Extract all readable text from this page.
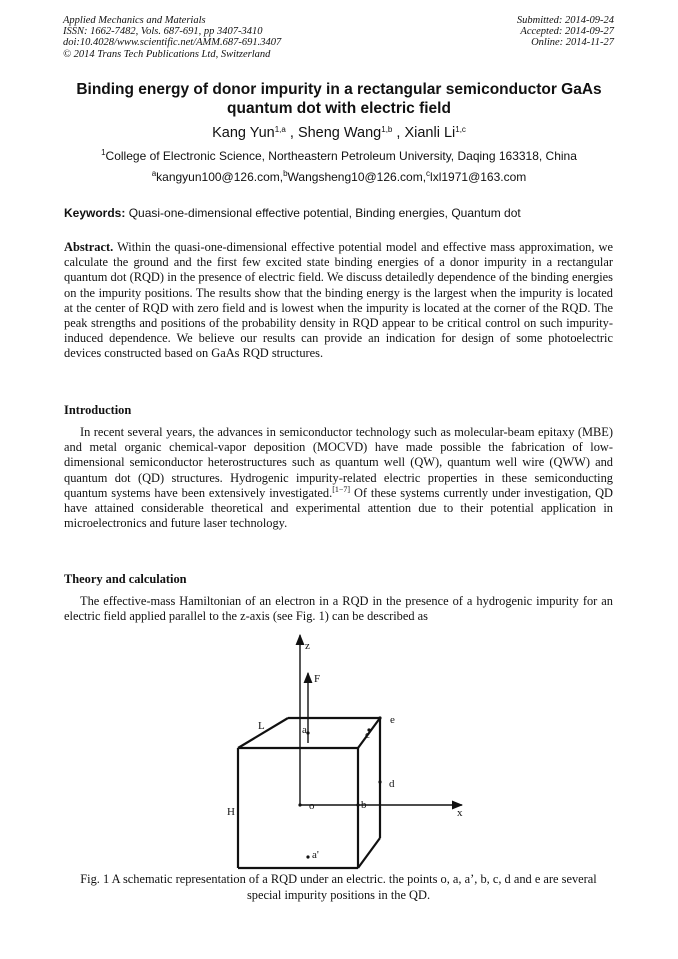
Applied Mechanics and Materials
ISSN: 1662-7482, Vols. 687-691, pp 3407-3410
doi:10.4028/www.scientific.net/AMM.687-691.3407
© 2014 Trans Tech Publications Ltd, Switzerland
Submitted: 2014-09-24
Accepted: 2014-09-27
Online: 2014-11-27
Binding energy of donor impurity in a rectangular semiconductor GaAs
quantum dot with electric field
Kang Yun$^{1,a}$ , Sheng Wang$^{1,b}$ , Xianli Li$^{1,c}$
$^1$College of Electronic Science, Northeastern Petroleum University, Daqing 163318, China
$^a$kangyun100@126.com,$^b$Wangsheng10@126.com,$^c$lxl1971@163.com
Keywords: Quasi-one-dimensional effective potential, Binding energies, Quantum dot

Abstract. Within the quasi-one-dimensional effective potential model and effective mass approximation, we calculate the ground and the first few excited state binding energies of a donor impurity in a rectangular quantum dot (RQD) in the presence of electric field. We discuss detailedly dependence of the binding energies on the impurity positions. The results show that the binding energy is the largest when the impurity is located at the center of RQD with zero field and is lowest when the impurity is located at the corner of the RQD. The peak strengths and positions of the probability density in RQD appear to be critical control on such impurity-induced dependence. We believe our results can provide an indication for design of some photoelectric devices constructed based on GaAs RQD structures.

Introduction

In recent several years, the advances in semiconductor technology such as molecular-beam epitaxy (MBE) and metal organic chemical-vapor deposition (MOCVD) have made possible the fabrication of low-dimensional semiconductor heterostructures such as quantum well (QW), quantum well wire (QWW) and quantum dot (QD) structures. Hydrogenic impurity-related electric properties in these semiconducting quantum systems have been extensively investigated.[1−7] Of these systems currently under investigation, QD have attained considerable theoretical and experimental attention due to their potential application in microelectronics and future laser technology.

Theory and calculation

The effective-mass Hamiltonian of an electron in a RQD in the presence of a hydrogenic impurity for an electric field applied parallel to the z-axis (see Fig. 1) can be described as

z
F
L	a	c
e
d
H	o	b
x
a'
Fig. 1 A schematic representation of a RQD under an electric. the points o, a, a’, b, c, d and e are several special impurity positions in the QD.
